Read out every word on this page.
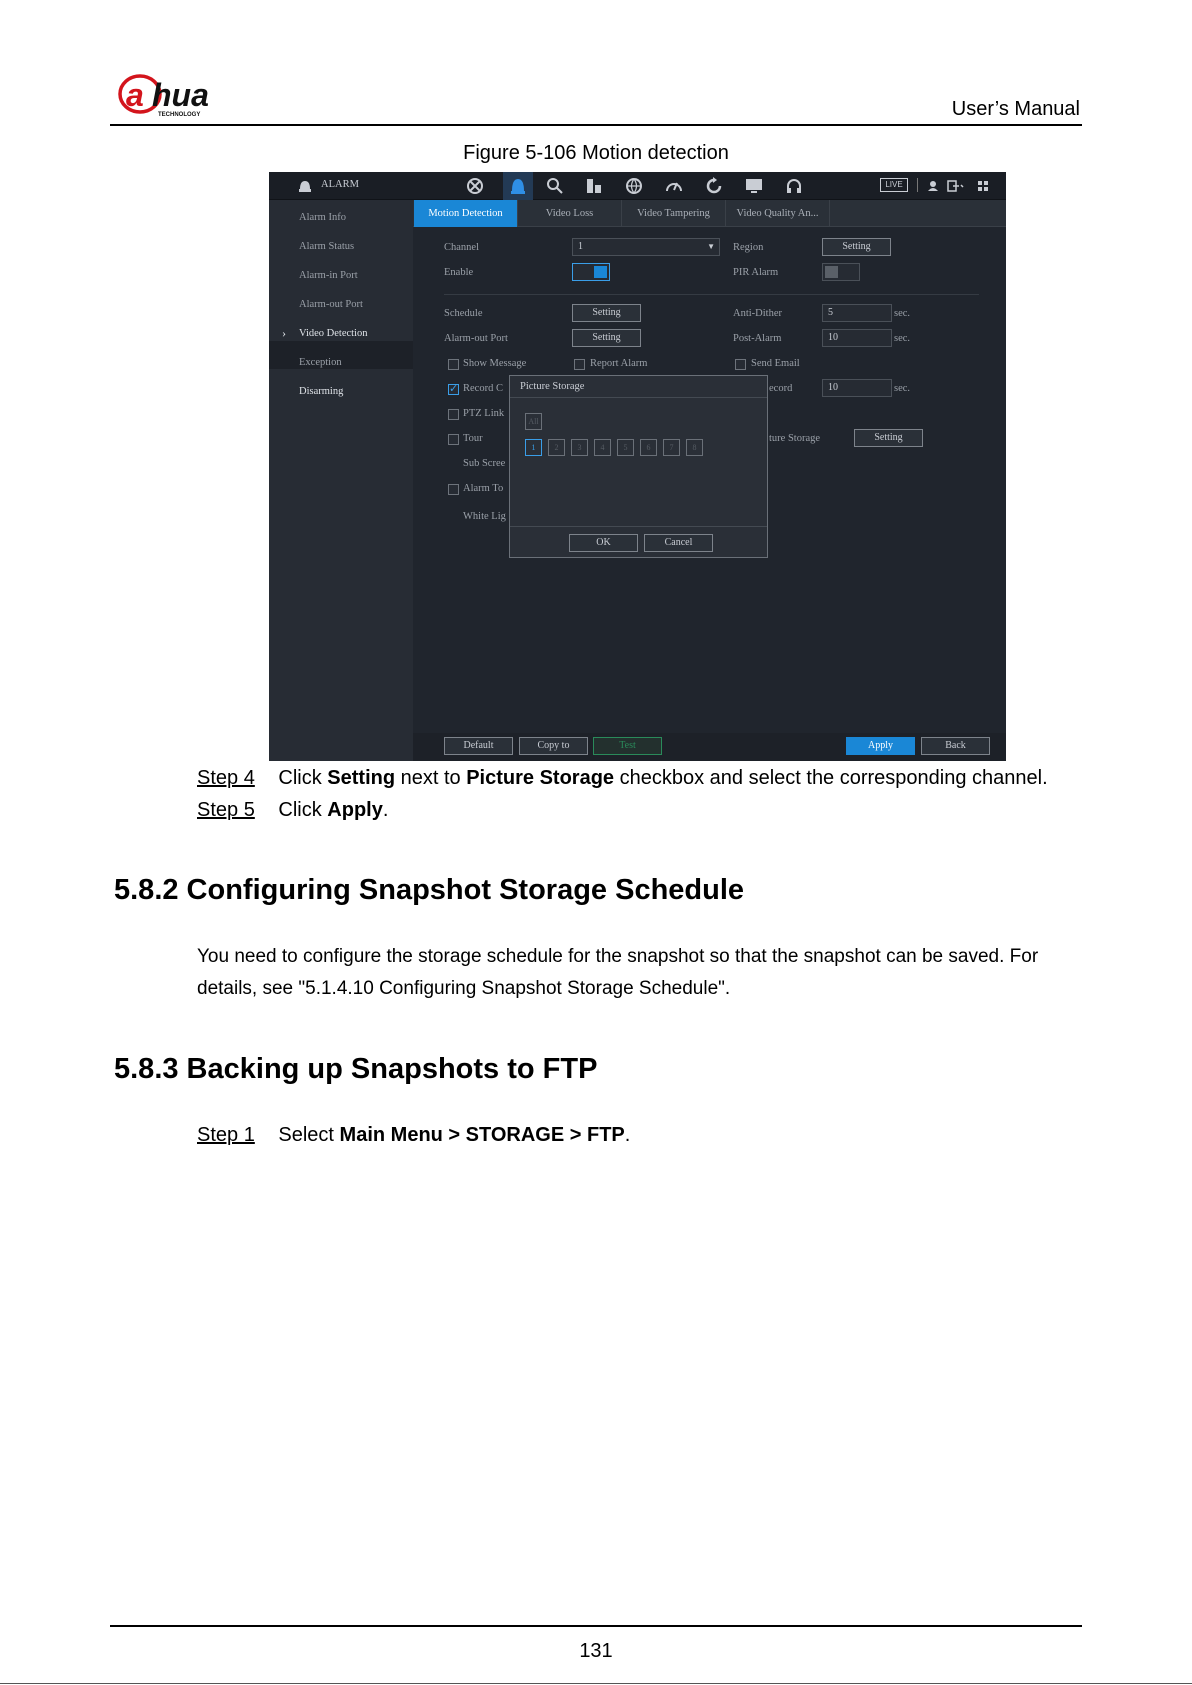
a hua
TECHNOLOGY	User’s Manual
Figure 5-106 Motion detection
ALARM	LIVE
Alarm Info
Alarm Status
Alarm-in Port
Alarm-out Port
› Video Detection
Exception
Disarming
Motion Detection	Video Loss	Video Tampering	Video Quality An...
Channel	1	▼ Region	Setting
Enable	PIR Alarm
Schedule	Setting	Anti-Dither	5	sec.
Alarm-out Port	Setting	Post-Alarm	10	sec.
Show Message	Report Alarm	Send Email
✓
Record C	ecord	10	sec.
PTZ Link
Tour	ture Storage	Setting
Sub Scree
Alarm To
White Lig
Picture Storage
All
1	2	3	4	5	6	7	8
OK	Cancel
Default	Copy to	Test	Apply	Back
Step 4 Click Setting next to Picture Storage checkbox and select the corresponding channel.
Step 5 Click Apply.
5.8.2 Configuring Snapshot Storage Schedule
You need to configure the storage schedule for the snapshot so that the snapshot can be saved. For
details, see "5.1.4.10 Configuring Snapshot Storage Schedule".
5.8.3 Backing up Snapshots to FTP
Step 1 Select Main Menu > STORAGE > FTP.
131
